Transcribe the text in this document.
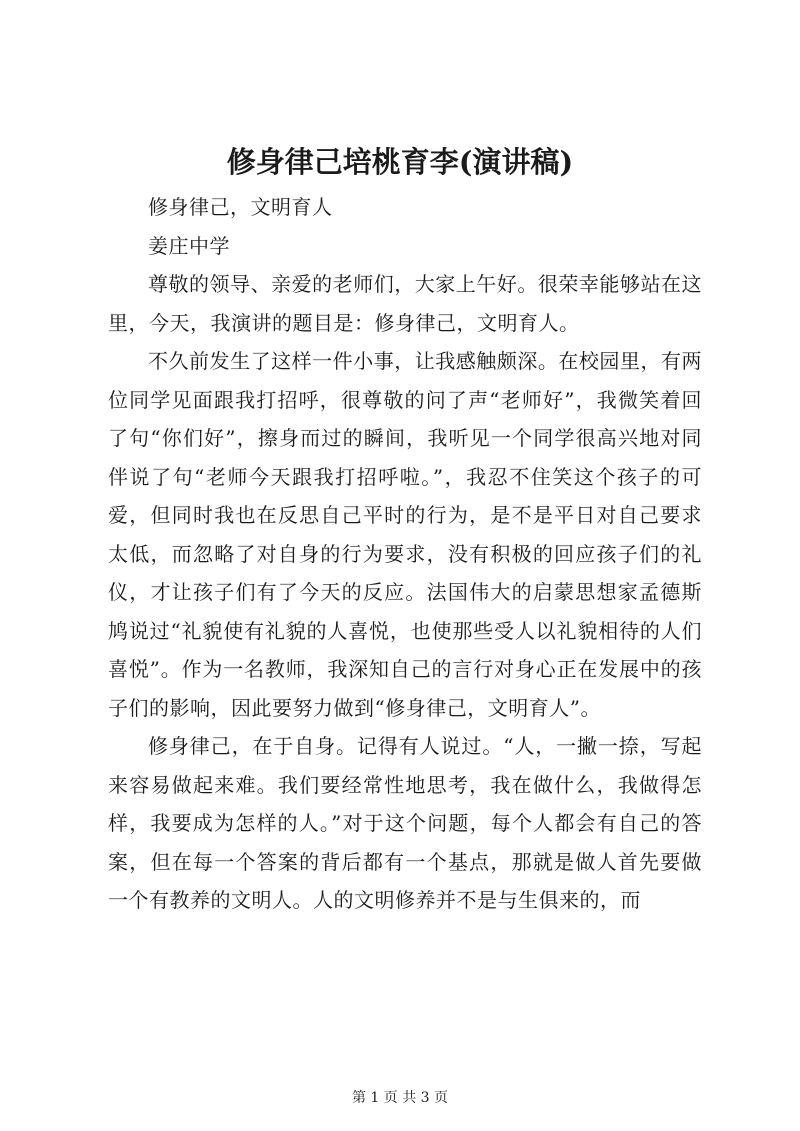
修身律己培桃育李(演讲稿)

修身律己，文明育人

姜庄中学

尊敬的领导、亲爱的老师们，大家上午好。很荣幸能够站在这里，今天，我演讲的题目是：修身律己，文明育人。

不久前发生了这样一件小事，让我感触颇深。在校园里，有两位同学见面跟我打招呼，很尊敬的问了声“老师好”，我微笑着回了句“你们好”，擦身而过的瞬间，我听见一个同学很高兴地对同伴说了句“老师今天跟我打招呼啦。”，我忍不住笑这个孩子的可爱，但同时我也在反思自己平时的行为，是不是平日对自己要求太低，而忽略了对自身的行为要求，没有积极的回应孩子们的礼仪，才让孩子们有了今天的反应。法国伟大的启蒙思想家孟德斯鸠说过“礼貌使有礼貌的人喜悦，也使那些受人以礼貌相待的人们喜悦”。作为一名教师，我深知自己的言行对身心正在发展中的孩子们的影响，因此要努力做到“修身律己，文明育人”。

修身律己，在于自身。记得有人说过。“人，一撇一捺，写起来容易做起来难。我们要经常性地思考，我在做什么，我做得怎样，我要成为怎样的人。”对于这个问题，每个人都会有自己的答案，但在每一个答案的背后都有一个基点，那就是做人首先要做一个有教养的文明人。人的文明修养并不是与生俱来的，而

第 1 页 共 3 页
